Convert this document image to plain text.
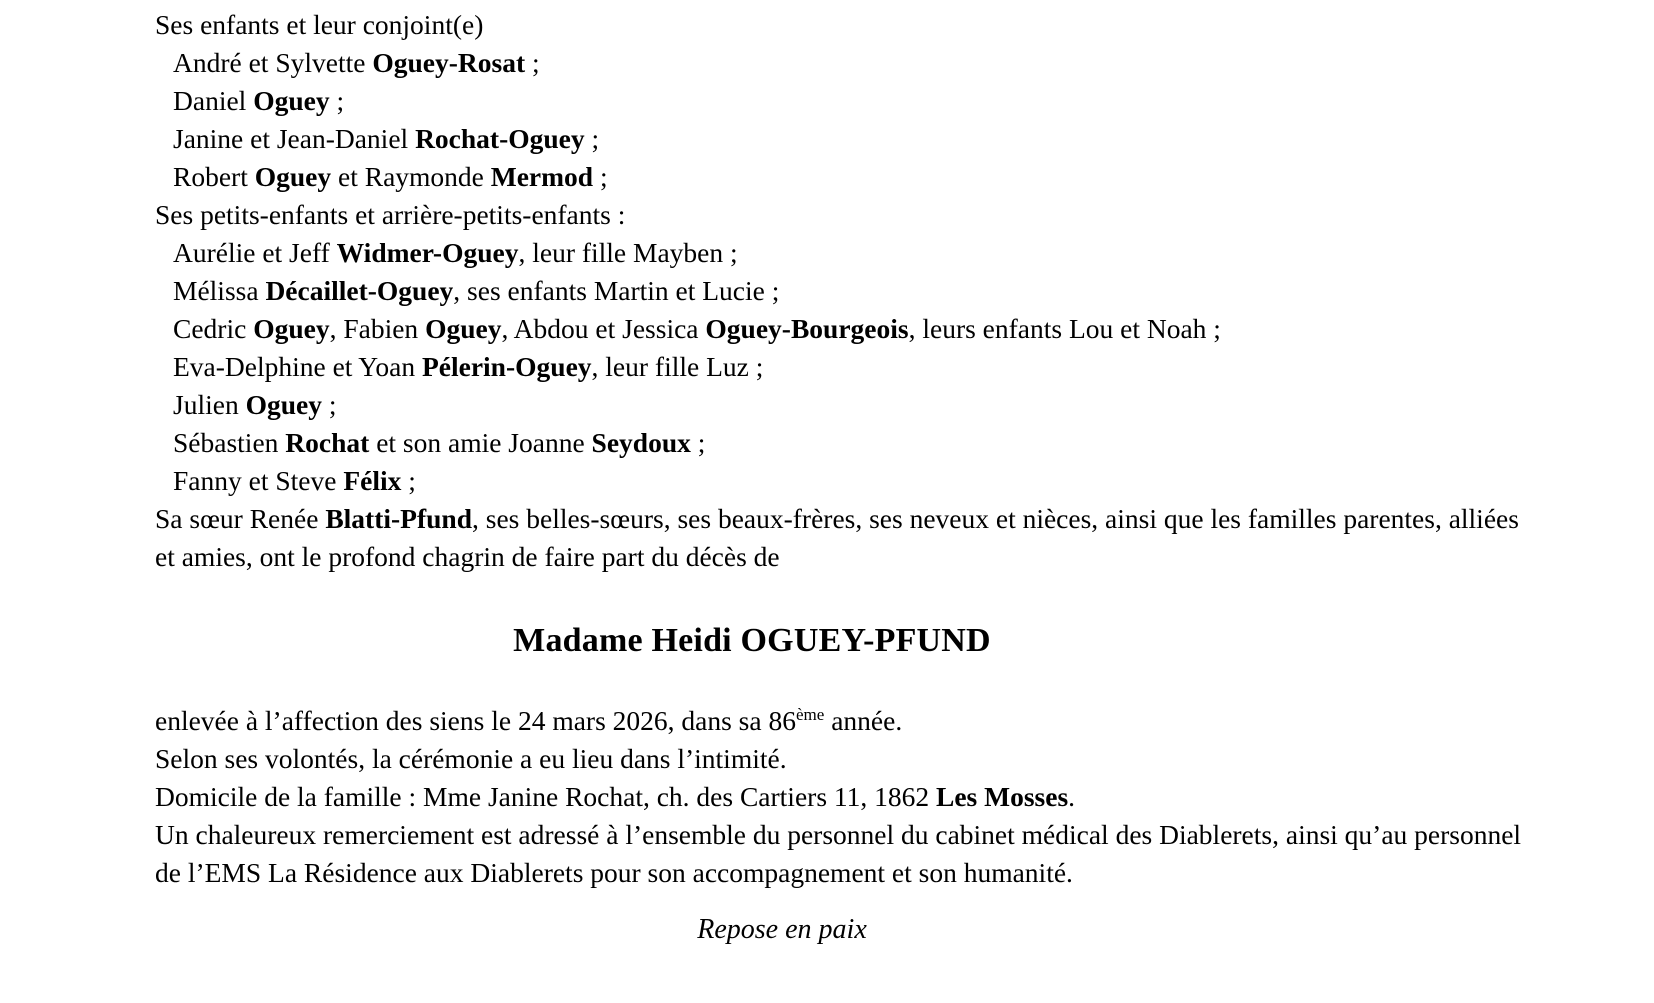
Ses enfants et leur conjoint(e)
André et Sylvette Oguey-Rosat ;
Daniel Oguey ;
Janine et Jean-Daniel Rochat-Oguey ;
Robert Oguey et Raymonde Mermod ;
Ses petits-enfants et arrière-petits-enfants :
Aurélie et Jeff Widmer-Oguey, leur fille Mayben ;
Mélissa Décaillet-Oguey, ses enfants Martin et Lucie ;
Cedric Oguey, Fabien Oguey, Abdou et Jessica Oguey-Bourgeois, leurs enfants Lou et Noah ;
Eva-Delphine et Yoan Pélerin-Oguey, leur fille Luz ;
Julien Oguey ;
Sébastien Rochat et son amie Joanne Seydoux ;
Fanny et Steve Félix ;
Sa sœur Renée Blatti-Pfund, ses belles-sœurs, ses beaux-frères, ses neveux et nièces, ainsi que les familles parentes, alliées et amies, ont le profond chagrin de faire part du décès de
Madame Heidi OGUEY-PFUND
enlevée à l’affection des siens le 24 mars 2026, dans sa 86ème année.
Selon ses volontés, la cérémonie a eu lieu dans l’intimité.
Domicile de la famille : Mme Janine Rochat, ch. des Cartiers 11, 1862 Les Mosses.
Un chaleureux remerciement est adressé à l’ensemble du personnel du cabinet médical des Diablerets, ainsi qu’au personnel de l’EMS La Résidence aux Diablerets pour son accompagnement et son humanité.
Repose en paix
